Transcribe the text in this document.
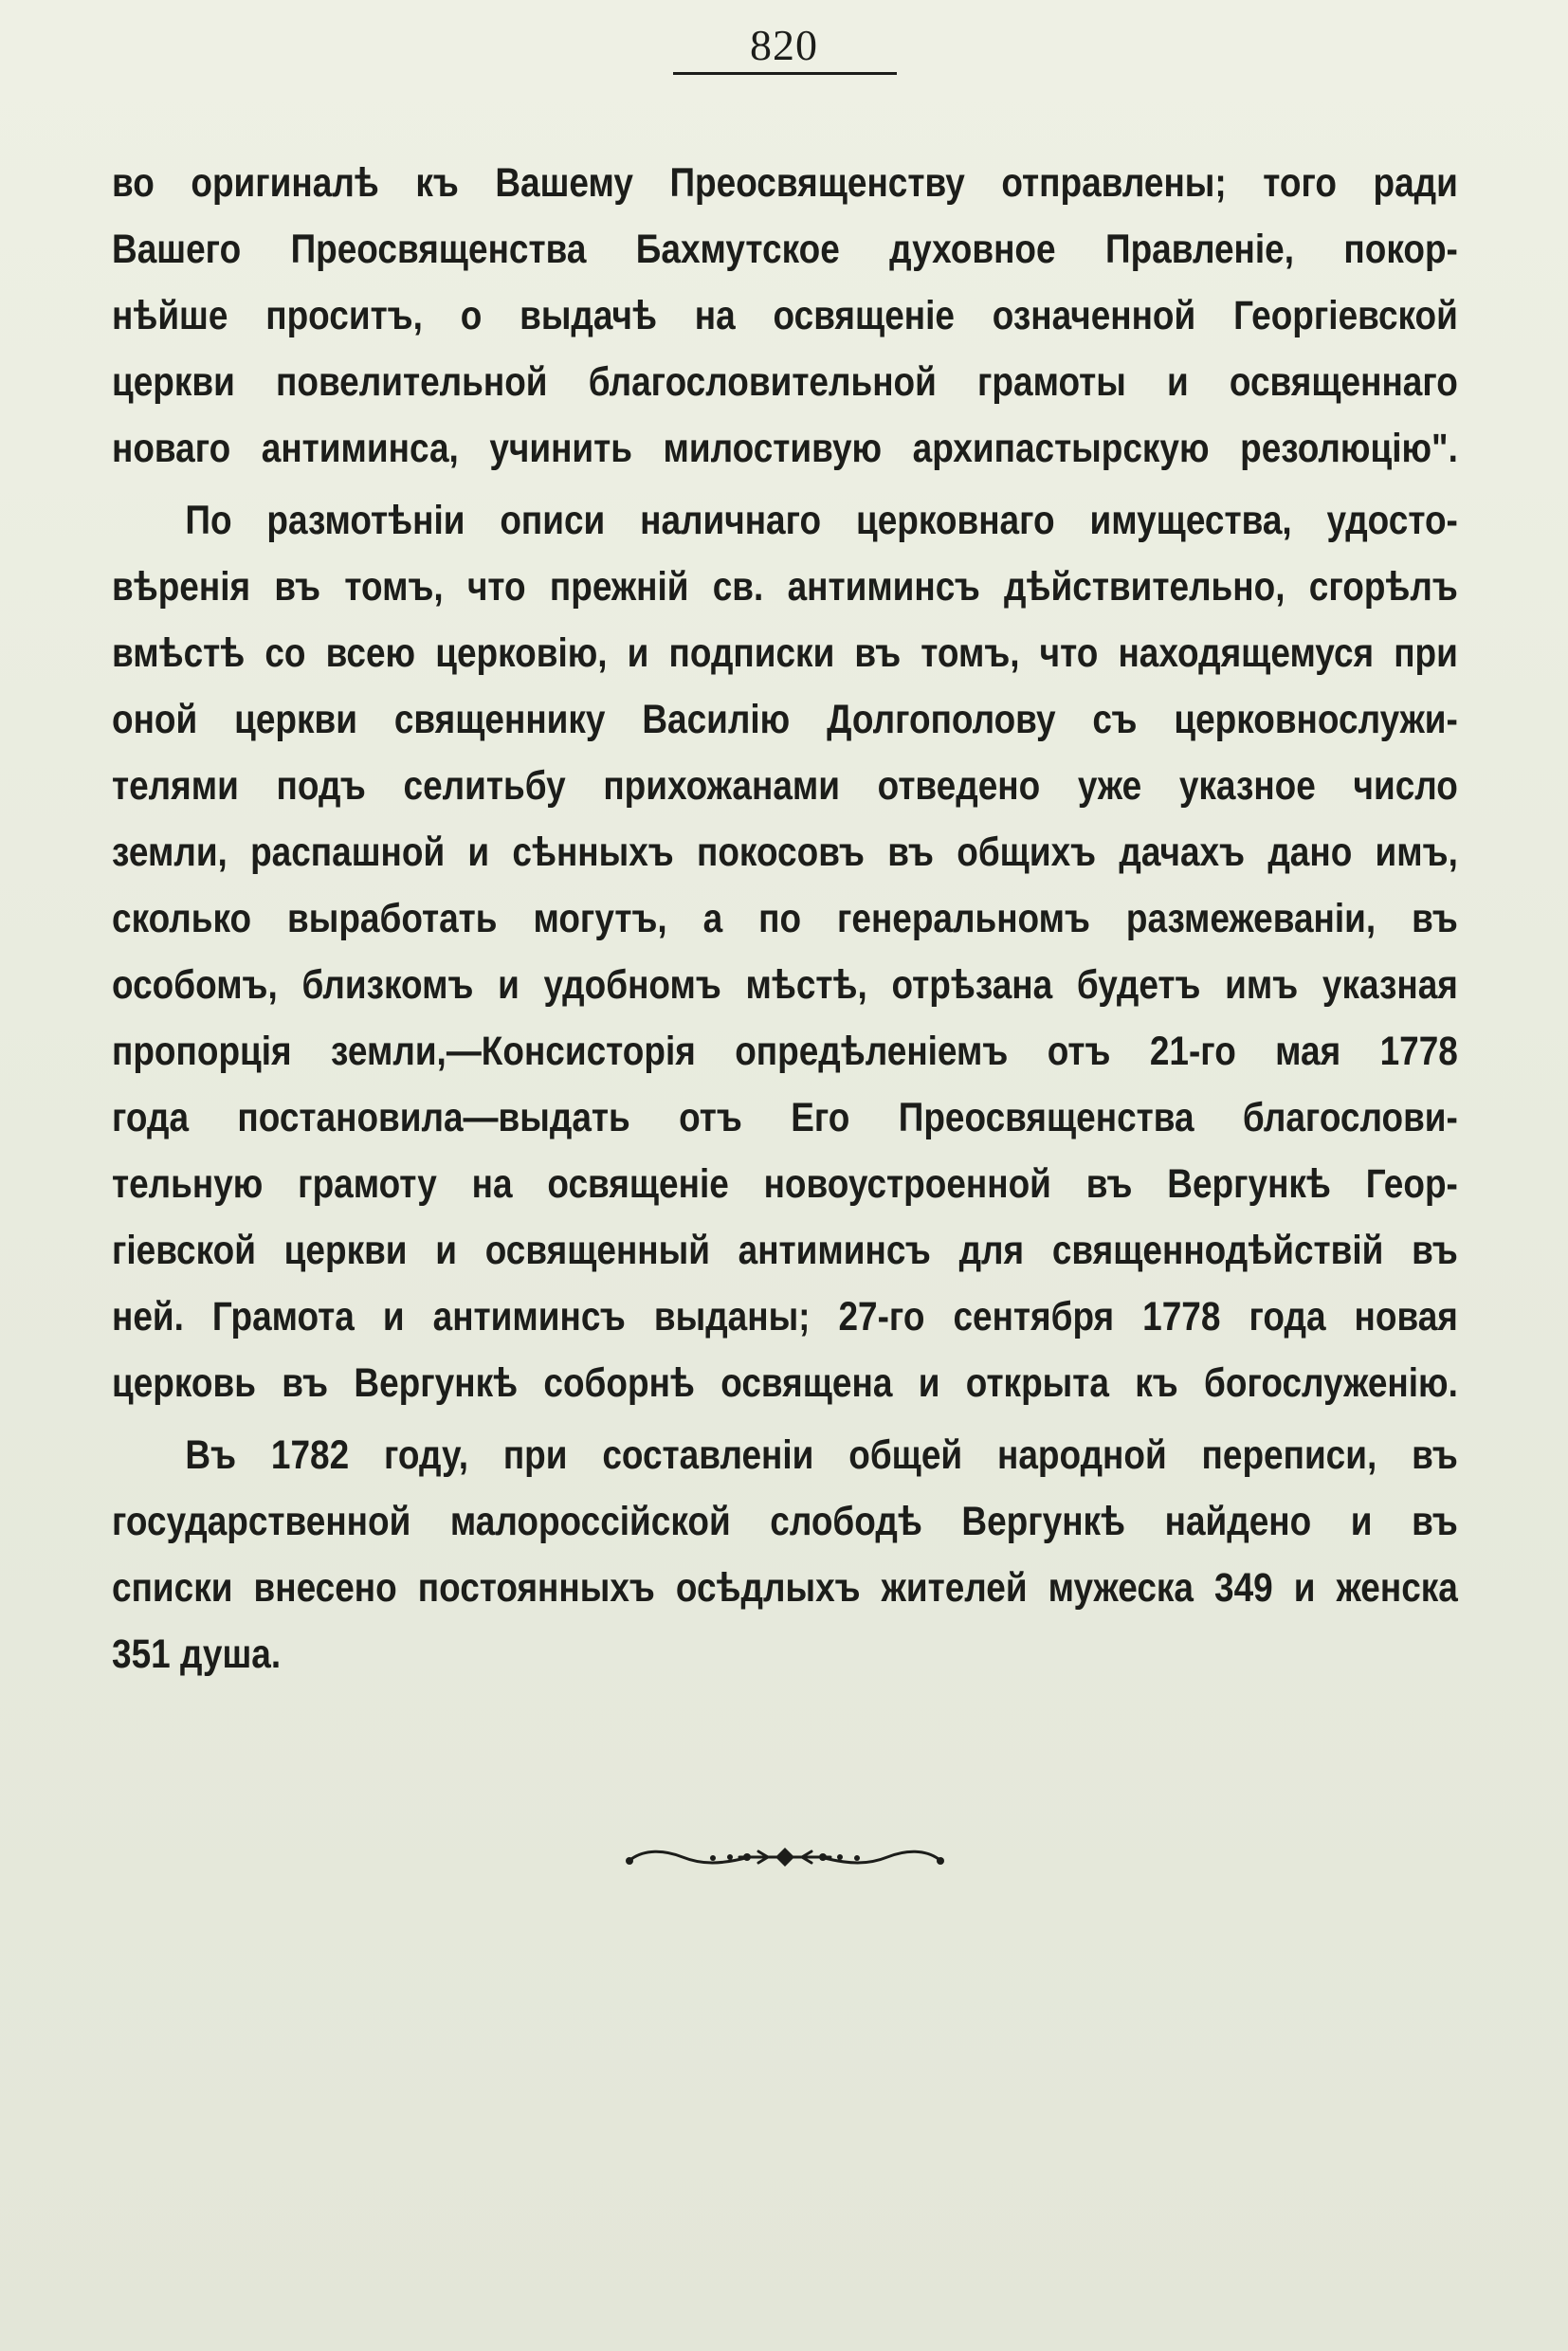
820
во оригиналѣ къ Вашему Преосвященству отправлены; того ради
Вашего Преосвященства Бахмутское духовное Правленіе, покор-
нѣйше проситъ, о выдачѣ на освященіе означенной Георгіевской
церкви повелительной благословительной грамоты и освященнаго
новаго антиминса, учинить милостивую архипастырскую резолюцію".
По размотѣніи описи наличнаго церковнаго имущества, удосто-
вѣренія въ томъ, что прежній св. антиминсъ дѣйствительно, сгорѣлъ
вмѣстѣ со всею церковію, и подписки въ томъ, что находящемуся при
оной церкви священнику Василію Долгополову съ церковнослужи-
телями подъ селитьбу прихожанами отведено уже указное число
земли, распашной и сѣнныхъ покосовъ въ общихъ дачахъ дано имъ,
сколько выработать могутъ, а по генеральномъ размежеваніи, въ
особомъ, близкомъ и удобномъ мѣстѣ, отрѣзана будетъ имъ указная
пропорція земли,—Консисторія опредѣленіемъ отъ 21-го мая 1778
года постановила—выдать отъ Его Преосвященства благослови-
тельную грамоту на освященіе новоустроенной въ Вергункѣ Геор-
гіевской церкви и освященный антиминсъ для священнодѣйствій въ
ней. Грамота и антиминсъ выданы; 27-го сентября 1778 года новая
церковь въ Вергункѣ соборнѣ освящена и открыта къ богослуженію.
Въ 1782 году, при составленіи общей народной переписи, въ
государственной малороссійской слободѣ Вергункѣ найдено и въ
списки внесено постоянныхъ осѣдлыхъ жителей мужеска 349 и женска
351 душа.
